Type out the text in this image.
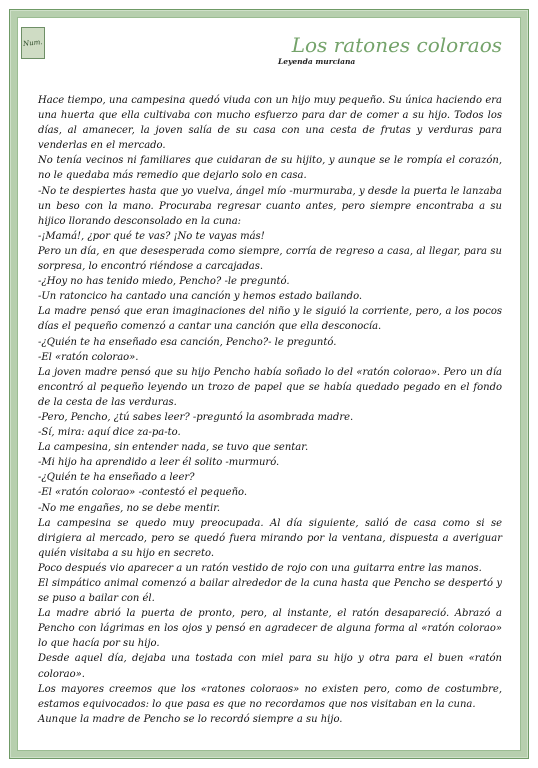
Num.	Los ratones coloraos
Leyenda murciana

Hace tiempo, una campesina quedó viuda con un hijo muy pequeño. Su única haciendo era una huerta que ella cultivaba con mucho esfuerzo para dar de comer a su hijo. Todos los días, al amanecer, la joven salía de su casa con una cesta de frutas y verduras para venderlas en el mercado.

No tenía vecinos ni familiares que cuidaran de su hijito, y aunque se le rompía el corazón, no le quedaba más remedio que dejarlo solo en casa.

-No te despiertes hasta que yo vuelva, ángel mío -murmuraba, y desde la puerta le lanzaba un beso con la mano. Procuraba regresar cuanto antes, pero siempre encontraba a su hijico llorando desconsolado en la cuna:

-¡Mamá!, ¿por qué te vas? ¡No te vayas más!

Pero un día, en que desesperada como siempre, corría de regreso a casa, al llegar, para su sorpresa, lo encontró riéndose a carcajadas.

-¿Hoy no has tenido miedo, Pencho? -le preguntó.

-Un ratoncico ha cantado una canción y hemos estado bailando.

La madre pensó que eran imaginaciones del niño y le siguió la corriente, pero, a los pocos días el pequeño comenzó a cantar una canción que ella desconocía.

-¿Quién te ha enseñado esa canción, Pencho?- le preguntó.

-El «ratón colorao».

La joven madre pensó que su hijo Pencho había soñado lo del «ratón colorao». Pero un día encontró al pequeño leyendo un trozo de papel que se había quedado pegado en el fondo de la cesta de las verduras.

-Pero, Pencho, ¿tú sabes leer? -preguntó la asombrada madre.

-Sí, mira: aquí dice za-pa-to.

La campesina, sin entender nada, se tuvo que sentar.

-Mi hijo ha aprendido a leer él solito -murmuró.

-¿Quién te ha enseñado a leer?

-El «ratón colorao» -contestó el pequeño.

-No me engañes, no se debe mentir.

La campesina se quedo muy preocupada. Al día siguiente, salió de casa como si se dirigiera al mercado, pero se quedó fuera mirando por la ventana, dispuesta a averiguar quién visitaba a su hijo en secreto.

Poco después vio aparecer a un ratón vestido de rojo con una guitarra entre las manos.

El simpático animal comenzó a bailar alrededor de la cuna hasta que Pencho se despertó y se puso a bailar con él.

La madre abrió la puerta de pronto, pero, al instante, el ratón desapareció. Abrazó a Pencho con lágrimas en los ojos y pensó en agradecer de alguna forma al «ratón colorao» lo que hacía por su hijo.

Desde aquel día, dejaba una tostada con miel para su hijo y otra para el buen «ratón colorao».

Los mayores creemos que los «ratones coloraos» no existen pero, como de costumbre, estamos equivocados: lo que pasa es que no recordamos que nos visitaban en la cuna.

Aunque la madre de Pencho se lo recordó siempre a su hijo.
